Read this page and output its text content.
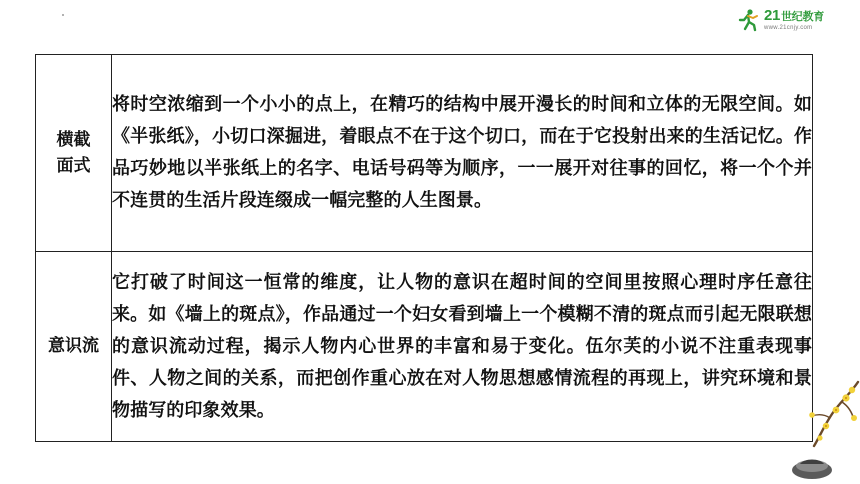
21世纪教育
www.21cnjy.com
横截面式	将时空浓缩到一个小小的点上，在精巧的结构中展开漫长的时间和立体的无限空间。如《半张纸》，小切口深掘进，着眼点不在于这个切口，而在于它投射出来的生活记忆。作品巧妙地以半张纸上的名字、电话号码等为顺序，一一展开对往事的回忆，将一个个并不连贯的生活片段连缀成一幅完整的人生图景。
意识流	它打破了时间这一恒常的维度，让人物的意识在超时间的空间里按照心理时序任意往来。如《墙上的斑点》，作品通过一个妇女看到墙上一个模糊不清的斑点而引起无限联想的意识流动过程，揭示人物内心世界的丰富和易于变化。伍尔芙的小说不注重表现事件、人物之间的关系，而把创作重心放在对人物思想感情流程的再现上，讲究环境和景物描写的印象效果。
